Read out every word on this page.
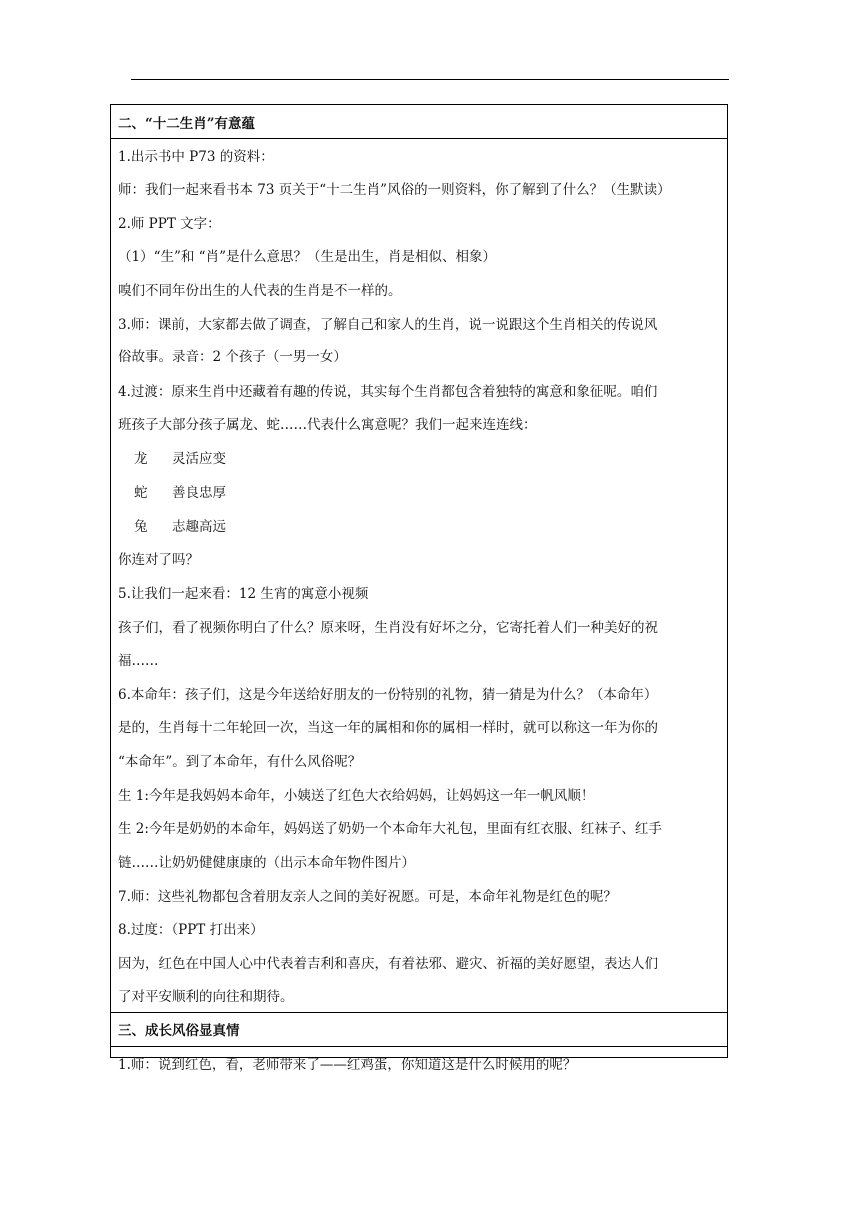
二、“十二生肖”有意蕴
1.出示书中 P73 的资料：
师：我们一起来看书本 73 页关于“十二生肖”风俗的一则资料，你了解到了什么？（生默读）
2.师 PPT 文字：
（1）“生”和 “肖”是什么意思？（生是出生，肖是相似、相象）
嗅们不同年份出生的人代表的生肖是不一样的。
3.师：课前，大家都去做了调查，了解自己和家人的生肖，说一说跟这个生肖相关的传说风
俗故事。录音：2 个孩子（一男一女）
4.过渡：原来生肖中还藏着有趣的传说，其实每个生肖都包含着独特的寓意和象征呢。咱们
班孩子大部分孩子属龙、蛇……代表什么寓意呢？我们一起来连连线：
龙 灵活应变
蛇 善良忠厚
兔 志趣高远
你连对了吗？
5.让我们一起来看：12 生宵的寓意小视频
孩子们，看了视频你明白了什么？原来呀，生肖没有好坏之分，它寄托着人们一种美好的祝
福……
6.本命年：孩子们，这是今年送给好朋友的一份特别的礼物，猜一猜是为什么？（本命年）
是的，生肖每十二年轮回一次，当这一年的属相和你的属相一样时，就可以称这一年为你的
“本命年”。到了本命年，有什么风俗呢？
生 1:今年是我妈妈本命年，小姨送了红色大衣给妈妈，让妈妈这一年一帆风顺！
生 2:今年是奶奶的本命年，妈妈送了奶奶一个本命年大礼包，里面有红衣服、红袜子、红手
链……让奶奶健健康康的（出示本命年物件图片）
7.师：这些礼物都包含着朋友亲人之间的美好祝愿。可是，本命年礼物是红色的呢？
8.过度：（PPT 打出来）
因为，红色在中国人心中代表着吉利和喜庆，有着祛邪、避灾、祈福的美好愿望，表达人们
了对平安顺利的向往和期待。
三、成长风俗显真情
1.师：说到红色，看，老师带来了——红鸡蛋，你知道这是什么时候用的呢？
